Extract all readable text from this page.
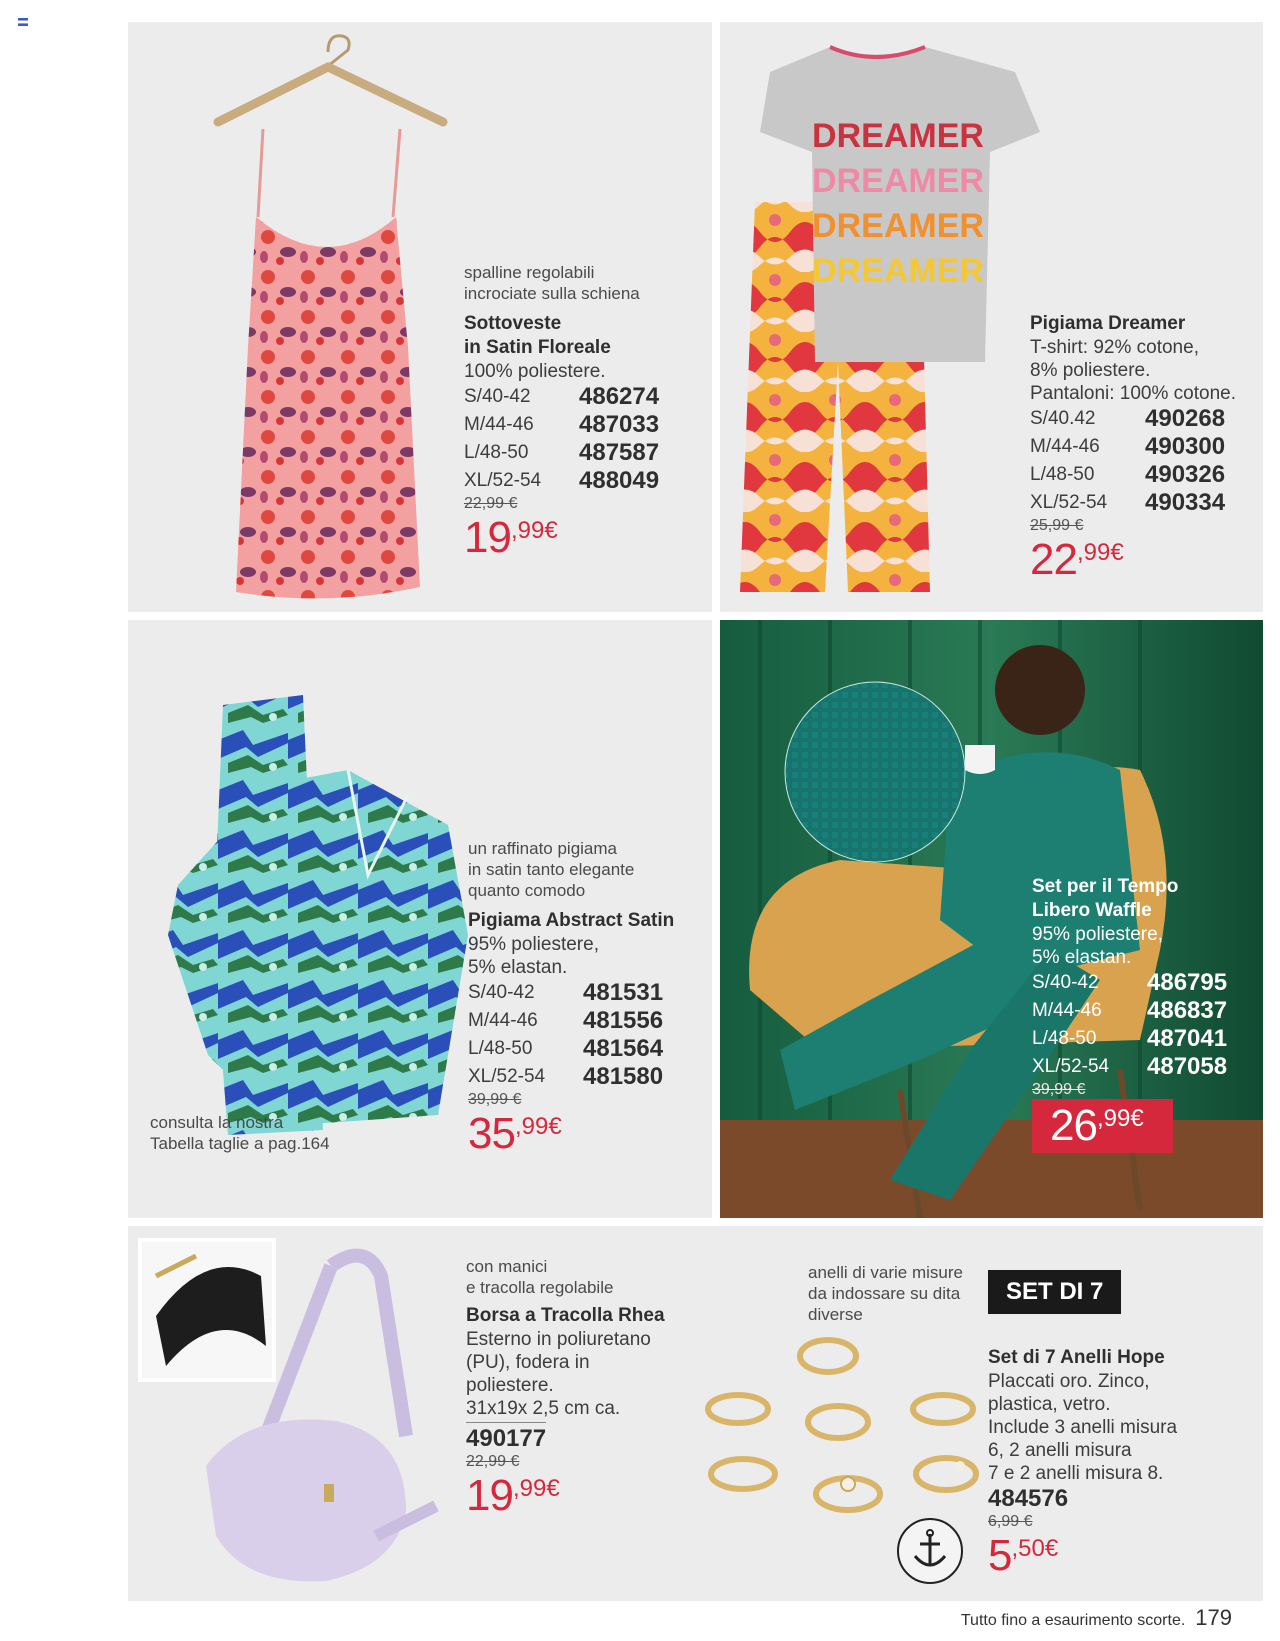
spalline regolabili
incrociate sulla schiena
Sottoveste
in Satin Floreale
100% poliestere.
S/40-42	486274
M/44-46	487033
L/48-50	487587
XL/52-54	488049
22,99 €
$19^{,99€}$
DREAMER
DREAMER
DREAMER
DREAMER
Pigiama Dreamer
T-shirt: 92% cotone,
8% poliestere.
Pantaloni: 100% cotone.
S/40.42	490268
M/44-46	490300
L/48-50	490326
XL/52-54	490334
25,99 €
$22^{,99€}$
consulta la nostra
Tabella taglie a pag.164
un raffinato pigiama
in satin tanto elegante
quanto comodo
Pigiama Abstract Satin
95% poliestere,
5% elastan.
S/40-42	481531
M/44-46	481556
L/48-50	481564
XL/52-54	481580
39,99 €
$35^{,99€}$
Set per il Tempo
Libero Waffle
95% poliestere,
5% elastan.
S/40-42	486795
M/44-46	486837
L/48-50	487041
XL/52-54	487058
39,99 €
$26^{,99€}$
con manici
e tracolla regolabile
Borsa a Tracolla Rhea
Esterno in poliuretano
(PU), fodera in
poliestere.
31x19x 2,5 cm ca.
490177
22,99 €
$19^{,99€}$
anelli di varie misure
da indossare su dita
diverse
SET DI 7
Set di 7 Anelli Hope
Placcati oro. Zinco,
plastica, vetro.
Include 3 anelli misura
6, 2 anelli misura
7 e 2 anelli misura 8.
484576
6,99 €
$5^{,50€}$
Tutto fino a esaurimento scorte. 179
